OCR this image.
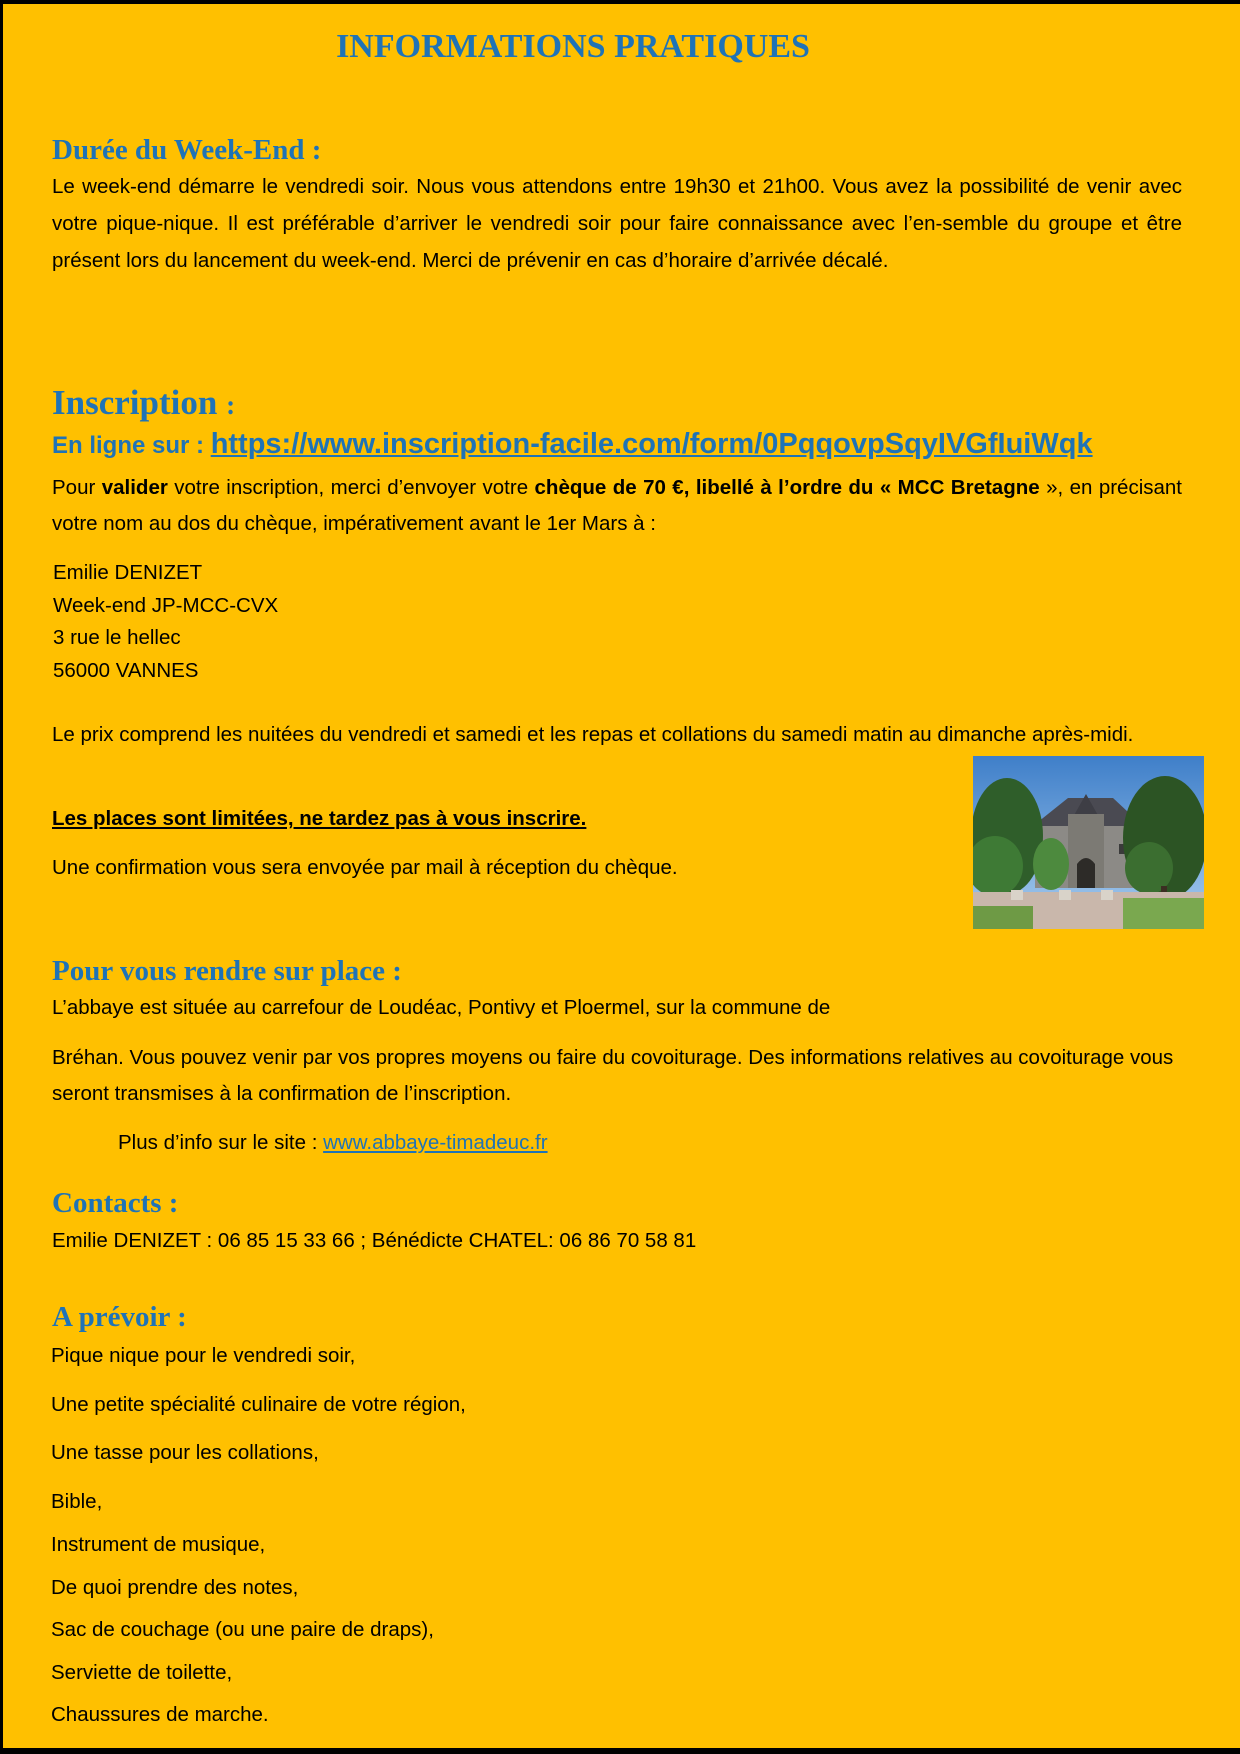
INFORMATIONS PRATIQUES
Durée du Week-End :

Le week-end démarre le vendredi soir. Nous vous attendons entre 19h30 et 21h00. Vous avez la possibilité de venir avec votre pique-nique. Il est préférable d’arriver le vendredi soir pour faire connaissance avec l’en-semble du groupe et être présent lors du lancement du week-end. Merci de prévenir en cas d’horaire d’arrivée décalé.

Inscription :

En ligne sur : https://www.inscription-facile.com/form/0PqqovpSqyIVGfIuiWqk

Pour valider votre inscription, merci d’envoyer votre chèque de 70 €, libellé à l’ordre du « MCC Bretagne », en précisant votre nom au dos du chèque, impérativement avant le 1er Mars à :

Emilie DENIZET
Week-end JP-MCC-CVX
3 rue le hellec
56000 VANNES

Le prix comprend les nuitées du vendredi et samedi et les repas et collations du samedi matin au dimanche après-midi.

Les places sont limitées, ne tardez pas à vous inscrire.

Une confirmation vous sera envoyée par mail à réception du chèque.

Pour vous rendre sur place :

L’abbaye est située au carrefour de Loudéac, Pontivy et Ploermel, sur la commune de

Bréhan. Vous pouvez venir par vos propres moyens ou faire du covoiturage. Des informations relatives au covoiturage vous seront transmises à la confirmation de l’inscription.

Plus d’info sur le site : www.abbaye-timadeuc.fr

Contacts :

Emilie DENIZET : 06 85 15 33 66 ; Bénédicte CHATEL: 06 86 70 58 81

A prévoir :
Pique nique pour le vendredi soir,
Une petite spécialité culinaire de votre région,
Une tasse pour les collations,
Bible,
Instrument de musique,
De quoi prendre des notes,
Sac de couchage (ou une paire de draps),
Serviette de toilette,
Chaussures de marche.
